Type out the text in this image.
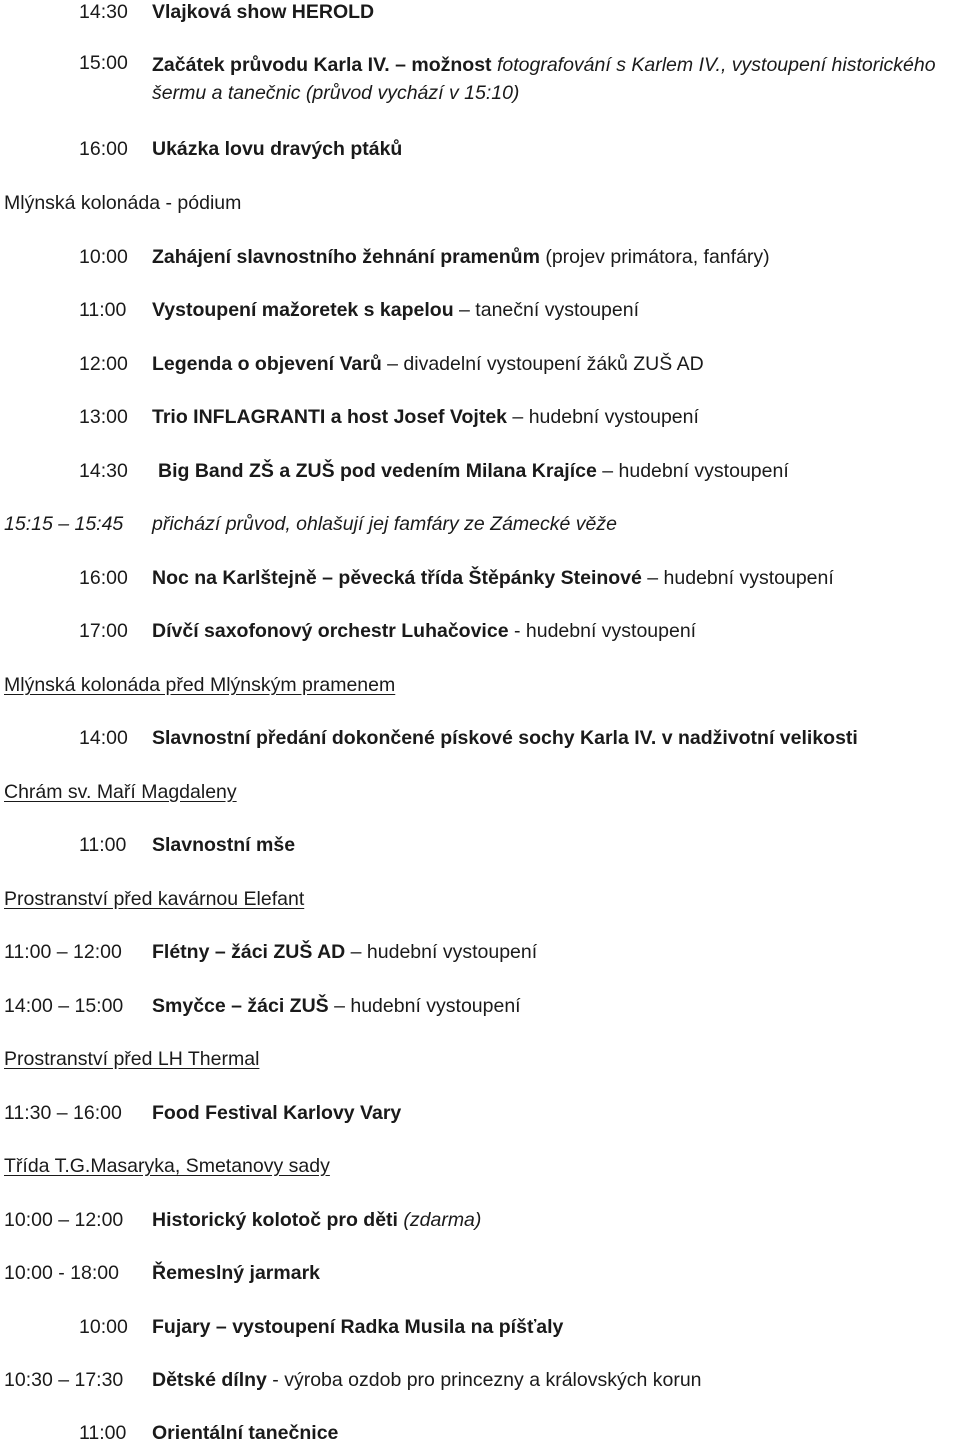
14:30 Vlajková show HEROLD
15:00 Začátek průvodu Karla IV. – možnost fotografování s Karlem IV., vystoupení historického šermu a tanečnic (průvod vychází v 15:10)
16:00 Ukázka lovu dravých ptáků
Mlýnská kolonáda - pódium
10:00 Zahájení slavnostního žehnání pramenům (projev primátora, fanfáry)
11:00 Vystoupení mažoretek s kapelou – taneční vystoupení
12:00 Legenda o objevení Varů – divadelní vystoupení žáků ZUŠ AD
13:00 Trio INFLAGRANTI a host Josef Vojtek – hudební vystoupení
14:30 Big Band ZŠ a ZUŠ pod vedením Milana Krajíce – hudební vystoupení
15:15 – 15:45 přichází průvod, ohlašují jej famfáry ze Zámecké věže
16:00 Noc na Karlštejně – pěvecká třída Štěpánky Steinové – hudební vystoupení
17:00 Dívčí saxofonový orchestr Luhačovice - hudební vystoupení
Mlýnská kolonáda před Mlýnským pramenem
14:00 Slavnostní předání dokončené pískové sochy Karla IV. v nadživotní velikosti
Chrám sv. Maří Magdaleny
11:00 Slavnostní mše
Prostranství před kavárnou Elefant
11:00 – 12:00 Flétny – žáci ZUŠ AD – hudební vystoupení
14:00 – 15:00 Smyčce – žáci ZUŠ – hudební vystoupení
Prostranství před LH Thermal
11:30 – 16:00 Food Festival Karlovy Vary
Třída T.G.Masaryka, Smetanovy sady
10:00 – 12:00 Historický kolotoč pro děti (zdarma)
10:00 - 18:00 Řemeslný jarmark
10:00 Fujary – vystoupení Radka Musila na píšťaly
10:30 – 17:30 Dětské dílny - výroba ozdob pro princezny a královských korun
11:00 Orientální tanečnice
